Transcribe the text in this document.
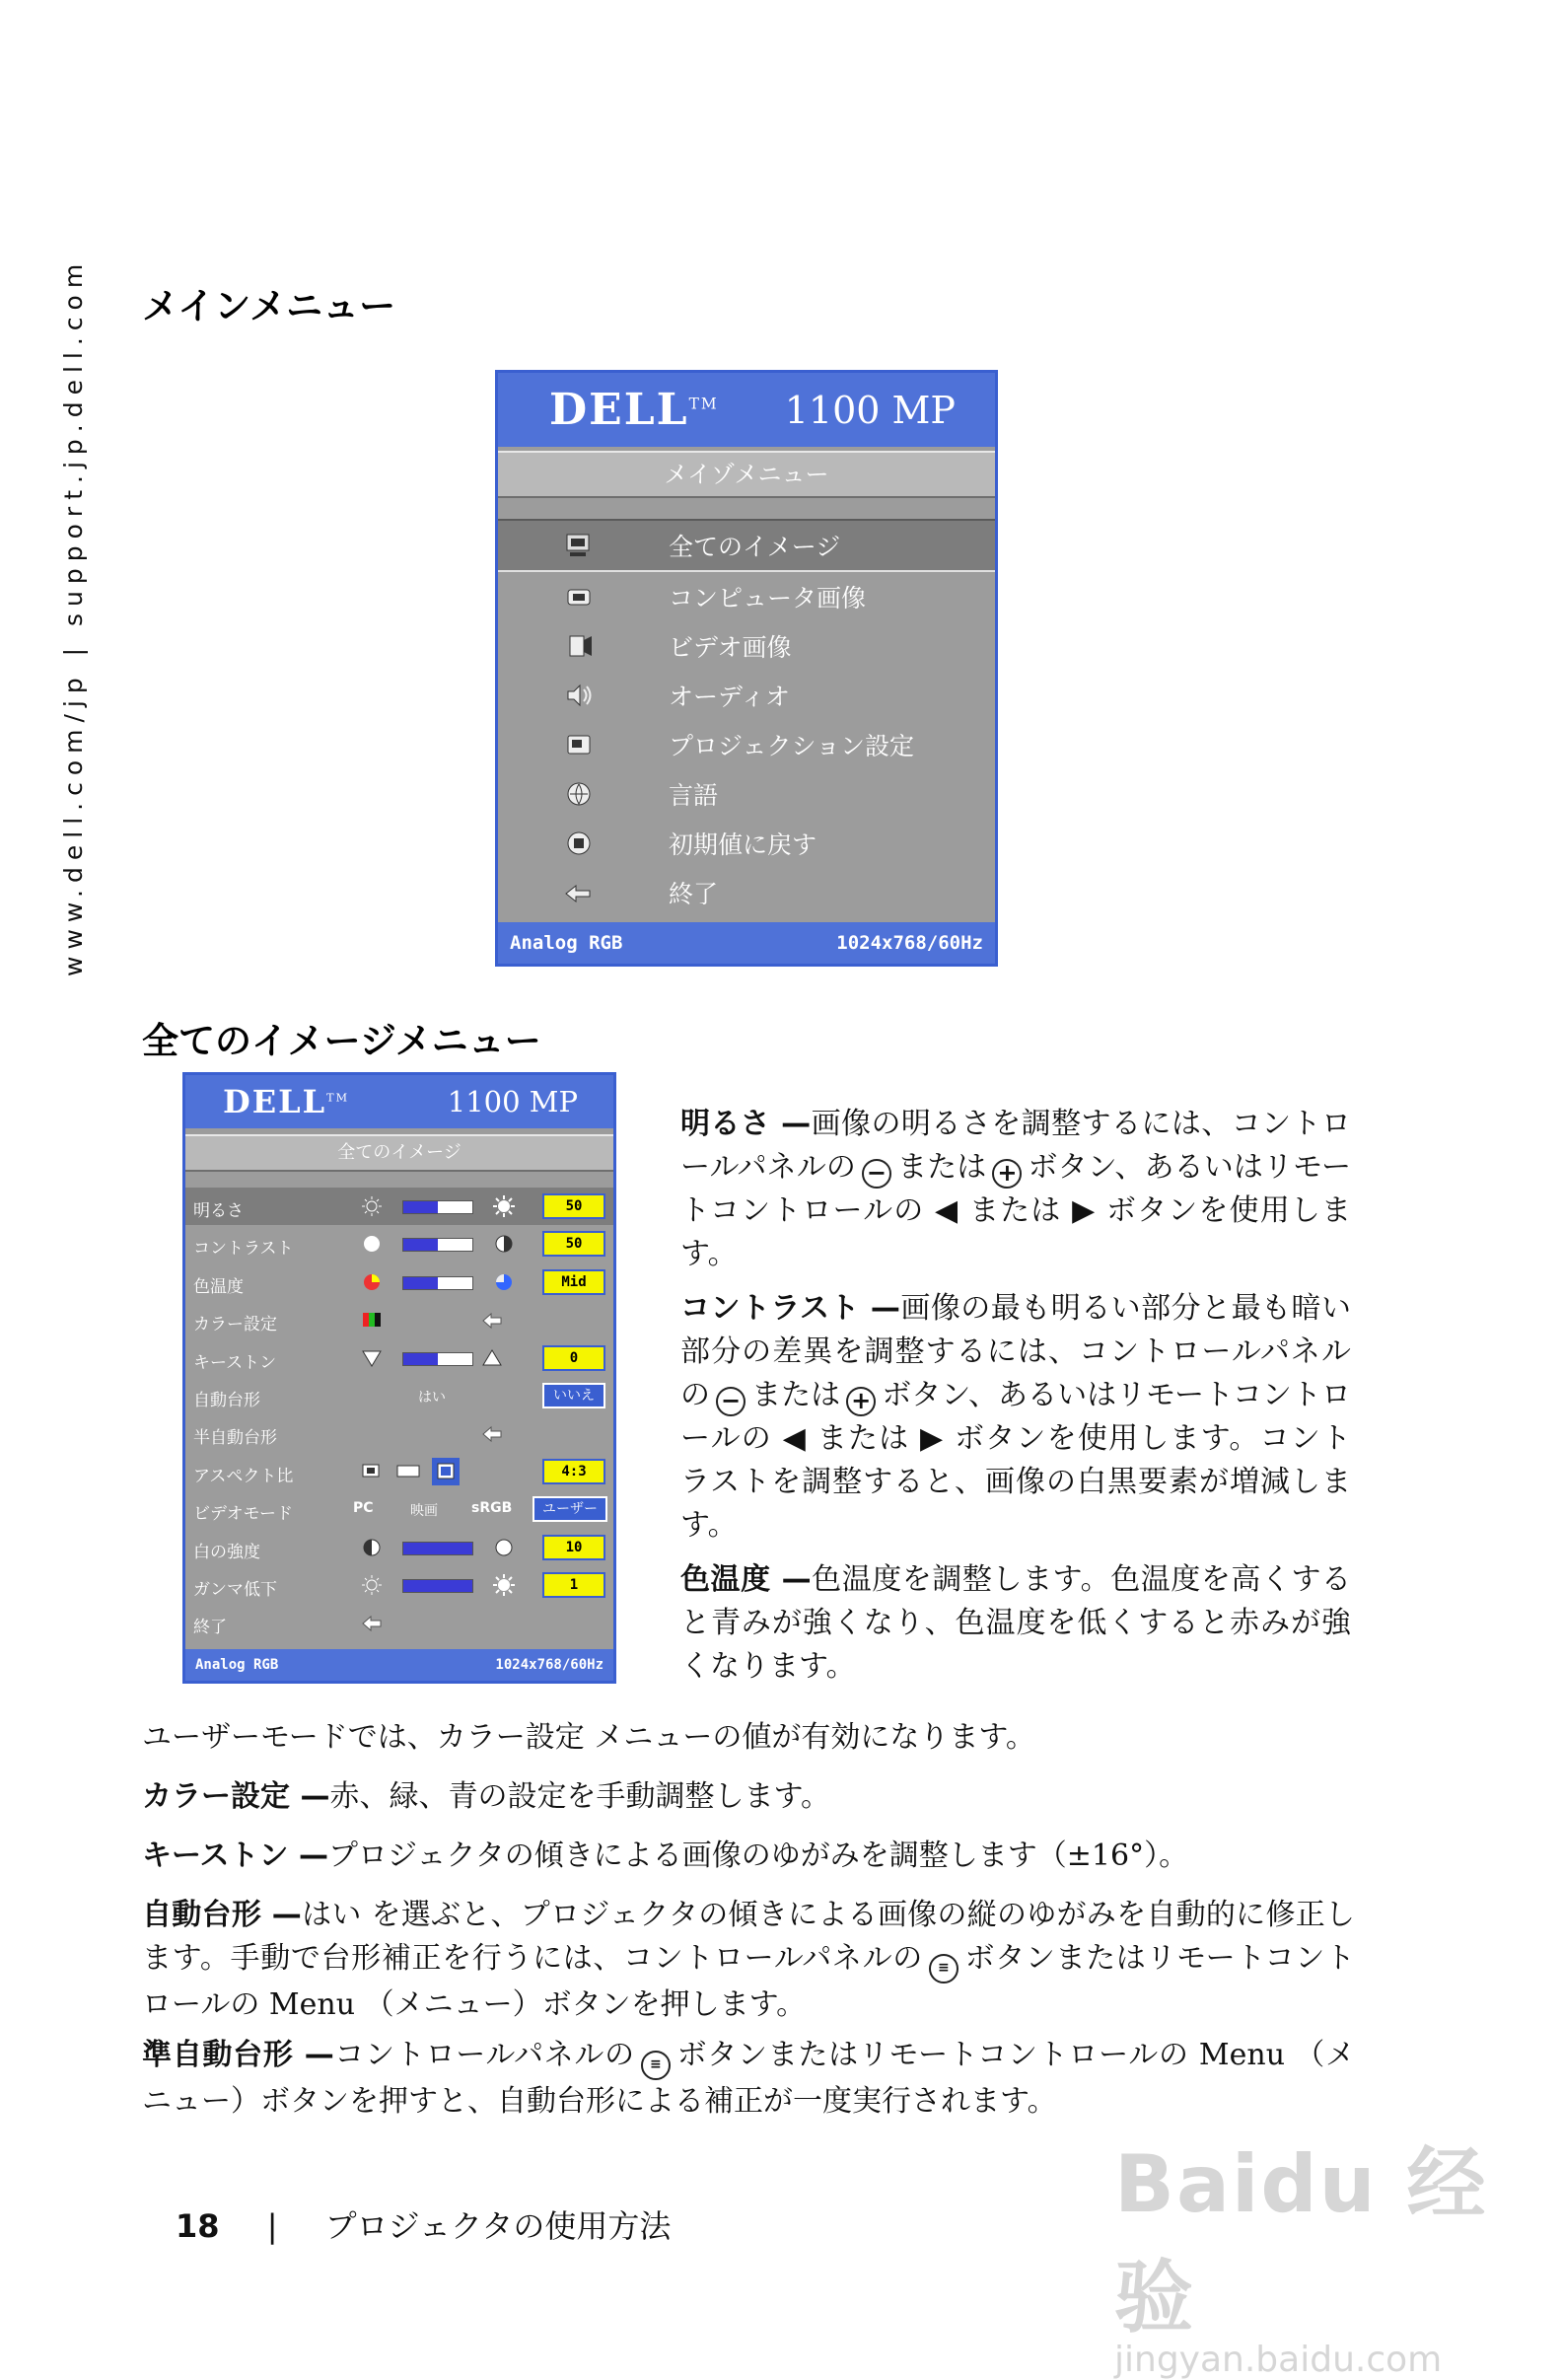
www.dell.com/jp | support.jp.dell.com メインメニュー
DELL™ 1100 MP
メイゾメニュー
全てのイメージ
コンピュータ画像
ビデオ画像
オーディオ
プロジェクション設定
言語
初期値に戻す
終了
Analog RGB	1024x768/60Hz
全てのイメージメニュー
DELL™	1100 MP
全てのイメージ
明るさ	50
コントラスト	50
色温度	Mid
カラー設定
キーストン	0
自動台形	はい	いいえ
半自動台形
アスペクト比	4:3
ビデオモード	PC	映画 sRGB	ユーザー
白の強度	10
ガンマ低下	1
終了
Analog RGB	1024x768/60Hz

明るさ —画像の明るさを調整するには、コントロールパネルの − または + ボタン、あるいはリモートコントロールの ◀ または ▶ ボタンを使用します。

コントラスト —画像の最も明るい部分と最も暗い部分の差異を調整するには、コントロールパネルの − または + ボタン、あるいはリモートコントロールの ◀ または ▶ ボタンを使用します。コントラストを調整すると、画像の白黒要素が増減します。

色温度 —色温度を調整します。色温度を高くすると青みが強くなり、色温度を低くすると赤みが強くなります。

ユーザーモードでは、カラー設定 メニューの値が有効になります。

カラー設定 —赤、緑、青の設定を手動調整します。

キーストン —プロジェクタの傾きによる画像のゆがみを調整します（±16°）。

自動台形 —はい を選ぶと、プロジェクタの傾きによる画像の縦のゆがみを自動的に修正します。手動で台形補正を行うには、コントロールパネルの ≡ ボタンまたはリモートコントロールの Menu （メニュー）ボタンを押します。

準自動台形 —コントロールパネルの ≡ ボタンまたはリモートコントロールの Menu （メニュー）ボタンを押すと、自動台形による補正が一度実行されます。

18 | プロジェクタの使用方法	Baidu 经验
jingyan.baidu.com
